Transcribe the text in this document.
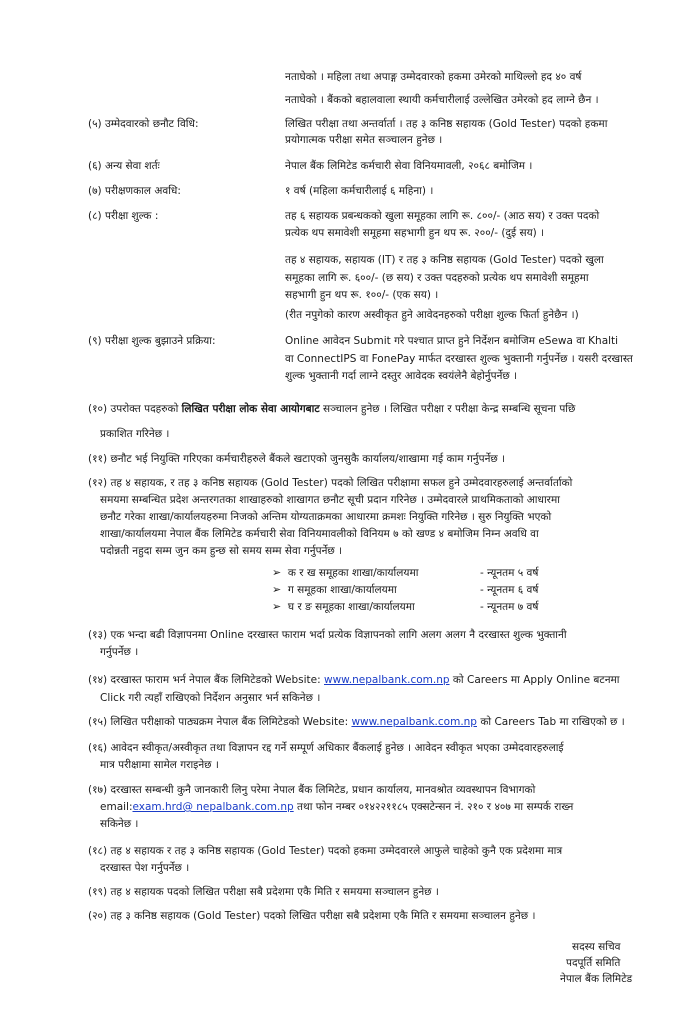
नताघेको । महिला तथा अपाङ्ग उम्मेदवारको हकमा उमेरको माथिल्लो हद ४० वर्ष
नताघेको । बैंकको बहालवाला स्थायी कर्मचारीलाई उल्लेखित उमेरको हद लाग्ने छैन ।
(५) उम्मेदवारको छनौट विधि:	लिखित परीक्षा तथा अन्तर्वार्ता । तह ३ कनिष्ठ सहायक (Gold Tester) पदको हकमा
प्रयोगात्मक परीक्षा समेत सञ्चालन हुनेछ ।
(६) अन्य सेवा शर्तः	नेपाल बैंक लिमिटेड कर्मचारी सेवा विनियमावली, २०६८ बमोजिम ।
(७) परीक्षणकाल अवधि:	१ वर्ष (महिला कर्मचारीलाई ६ महिना) ।
(८) परीक्षा शुल्क :	तह ६ सहायक प्रबन्धकको खुला समूहका लागि रू. ८००/- (आठ सय) र उक्त पदको
प्रत्येक थप समावेशी समूहमा सहभागी हुन थप रू. २००/- (दुई सय) ।
तह ४ सहायक, सहायक (IT) र तह ३ कनिष्ठ सहायक (Gold Tester) पदको खुला
समूहका लागि रू. ६००/- (छ सय) र उक्त पदहरुको प्रत्येक थप समावेशी समूहमा
सहभागी हुन थप रू. १००/- (एक सय) ।
(रीत नपुगेको कारण अस्वीकृत हुने आवेदनहरुको परीक्षा शुल्क फिर्ता हुनेछैन ।)
(९) परीक्षा शुल्क बुझाउने प्रक्रिया:	Online आवेदन Submit गरे पश्चात प्राप्त हुने निर्देशन बमोजिम eSewa वा Khalti
वा ConnectIPS वा FonePay मार्फत दरखास्त शुल्क भुक्तानी गर्नुपर्नेछ । यसरी दरखास्त
शुल्क भुक्तानी गर्दा लाग्ने दस्तुर आवेदक स्वयंलेनै बेहोर्नुपर्नेछ ।
(१०) उपरोक्त पदहरुको लिखित परीक्षा लोक सेवा आयोगबाट सञ्चालन हुनेछ । लिखित परीक्षा र परीक्षा केन्द्र सम्बन्धि सूचना पछि
प्रकाशित गरिनेछ ।
(११) छनौट भई नियुक्ति गरिएका कर्मचारीहरुले बैंकले खटाएको जुनसुकै कार्यालय/शाखामा गई काम गर्नुपर्नेछ ।
(१२) तह ४ सहायक, र तह ३ कनिष्ठ सहायक (Gold Tester) पदको लिखित परीक्षामा सफल हुने उम्मेदवारहरुलाई अन्तर्वार्ताको
समयमा सम्बन्धित प्रदेश अन्तरगतका शाखाहरुको शाखागत छनौट सूची प्रदान गरिनेछ । उम्मेदवारले प्राथमिकताको आधारमा
छनौट गरेका शाखा/कार्यालयहरुमा निजको अन्तिम योग्यताक्रमका आधारमा क्रमशः नियुक्ति गरिनेछ । सुरु नियुक्ति भएको
शाखा/कार्यालयमा नेपाल बैंक लिमिटेड कर्मचारी सेवा विनियमावलीको विनियम ७ को खण्ड ४ बमोजिम निम्न अवधि वा
पदोन्नती नहुदा सम्म जुन कम हुन्छ सो समय सम्म सेवा गर्नुपर्नेछ ।
➢ क र ख समूहका शाखा/कार्यालयमा	- न्यूनतम ५ वर्ष
➢ ग समूहका शाखा/कार्यालयमा	- न्यूनतम ६ वर्ष
➢ घ र ङ समूहका शाखा/कार्यालयमा	- न्यूनतम ७ वर्ष
(१३) एक भन्दा बढी विज्ञापनमा Online दरखास्त फाराम भर्दा प्रत्येक विज्ञापनको लागि अलग अलग नै दरखास्त शुल्क भुक्तानी
गर्नुपर्नेछ ।
(१४) दरखास्त फाराम भर्न नेपाल बैंक लिमिटेडको Website: www.nepalbank.com.np को Careers मा Apply Online बटनमा
Click गरी त्यहाँ राखिएको निर्देशन अनुसार भर्न सकिनेछ ।
(१५) लिखित परीक्षाको पाठ्यक्रम नेपाल बैंक लिमिटेडको Website: www.nepalbank.com.np को Careers Tab मा राखिएको छ ।
(१६) आवेदन स्वीकृत/अस्वीकृत तथा विज्ञापन रद्द गर्ने सम्पूर्ण अधिकार बैंकलाई हुनेछ । आवेदन स्वीकृत भएका उम्मेदवारहरुलाई
मात्र परीक्षामा सामेल गराइनेछ ।
(१७) दरखास्त सम्बन्धी कुनै जानकारी लिनु परेमा नेपाल बैंक लिमिटेड, प्रधान कार्यालय, मानवश्रोत व्यवस्थापन विभागको
email:exam.hrd@ nepalbank.com.np तथा फोन नम्बर ०१४२२११८५ एक्सटेन्सन नं. २१० र ४०७ मा सम्पर्क राख्न
सकिनेछ ।
(१८) तह ४ सहायक र तह ३ कनिष्ठ सहायक (Gold Tester) पदको हकमा उम्मेदवारले आफुले चाहेको कुनै एक प्रदेशमा मात्र
दरखास्त पेश गर्नुपर्नेछ ।
(१९) तह ४ सहायक पदको लिखित परीक्षा सबै प्रदेशमा एकै मिति र समयमा सञ्चालन हुनेछ ।
(२०) तह ३ कनिष्ठ सहायक (Gold Tester) पदको लिखित परीक्षा सबै प्रदेशमा एकै मिति र समयमा सञ्चालन हुनेछ ।
सदस्य सचिव
पदपूर्ति समिति
नेपाल बैंक लिमिटेड
